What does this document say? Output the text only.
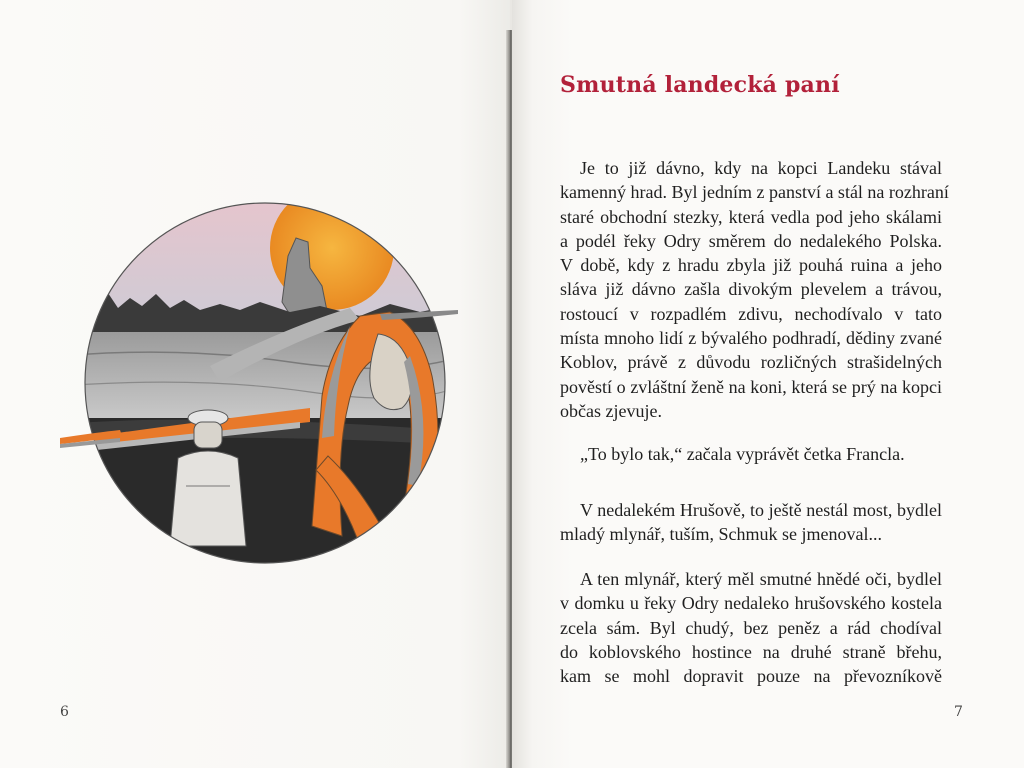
6
Smutná landecká paní
Je to již dávno, kdy na kopci Landeku stával
kamenný hrad. Byl jedním z panství a stál na rozhraní
staré obchodní stezky, která vedla pod jeho skálami
a podél řeky Odry směrem do nedalekého Polska.
V době, kdy z hradu zbyla již pouhá ruina a jeho
sláva již dávno zašla divokým plevelem a trávou,
rostoucí v rozpadlém zdivu, nechodívalo v tato
místa mnoho lidí z bývalého podhradí, dědiny zvané
Koblov, právě z důvodu rozličných strašidelných
pověstí o zvláštní ženě na koni, která se prý na kopci
občas zjevuje.
„To bylo tak,“ začala vyprávět četka Francla.
V nedalekém Hrušově, to ještě nestál most, bydlel
mladý mlynář, tuším, Schmuk se jmenoval...
A ten mlynář, který měl smutné hnědé oči, bydlel
v domku u řeky Odry nedaleko hrušovského kostela
zcela sám. Byl chudý, bez peněz a rád chodíval
do koblovského hostince na druhé straně břehu,
kam se mohl dopravit pouze na převozníkově
7
